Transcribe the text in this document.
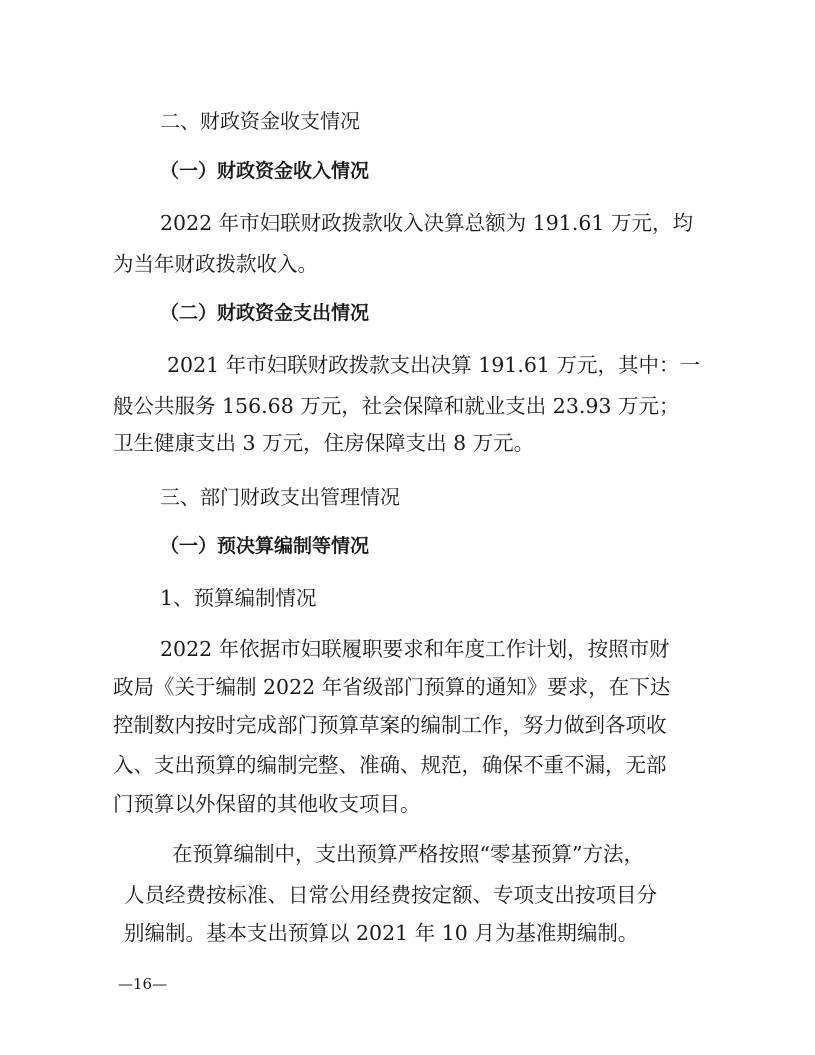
二、财政资金收支情况
（一）财政资金收入情况
2022 年市妇联财政拨款收入决算总额为 191.61 万元，均
为当年财政拨款收入。
（二）财政资金支出情况
2021 年市妇联财政拨款支出决算 191.61 万元，其中：一
般公共服务 156.68 万元，社会保障和就业支出 23.93 万元；
卫生健康支出 3 万元，住房保障支出 8 万元。
三、部门财政支出管理情况
（一）预决算编制等情况
1、预算编制情况
2022 年依据市妇联履职要求和年度工作计划，按照市财
政局《关于编制 2022 年省级部门预算的通知》要求，在下达
控制数内按时完成部门预算草案的编制工作，努力做到各项收
入、支出预算的编制完整、准确、规范，确保不重不漏，无部
门预算以外保留的其他收支项目。
在预算编制中，支出预算严格按照“零基预算”方法，
人员经费按标准、日常公用经费按定额、专项支出按项目分
别编制。基本支出预算以 2021 年 10 月为基准期编制。
—16—
